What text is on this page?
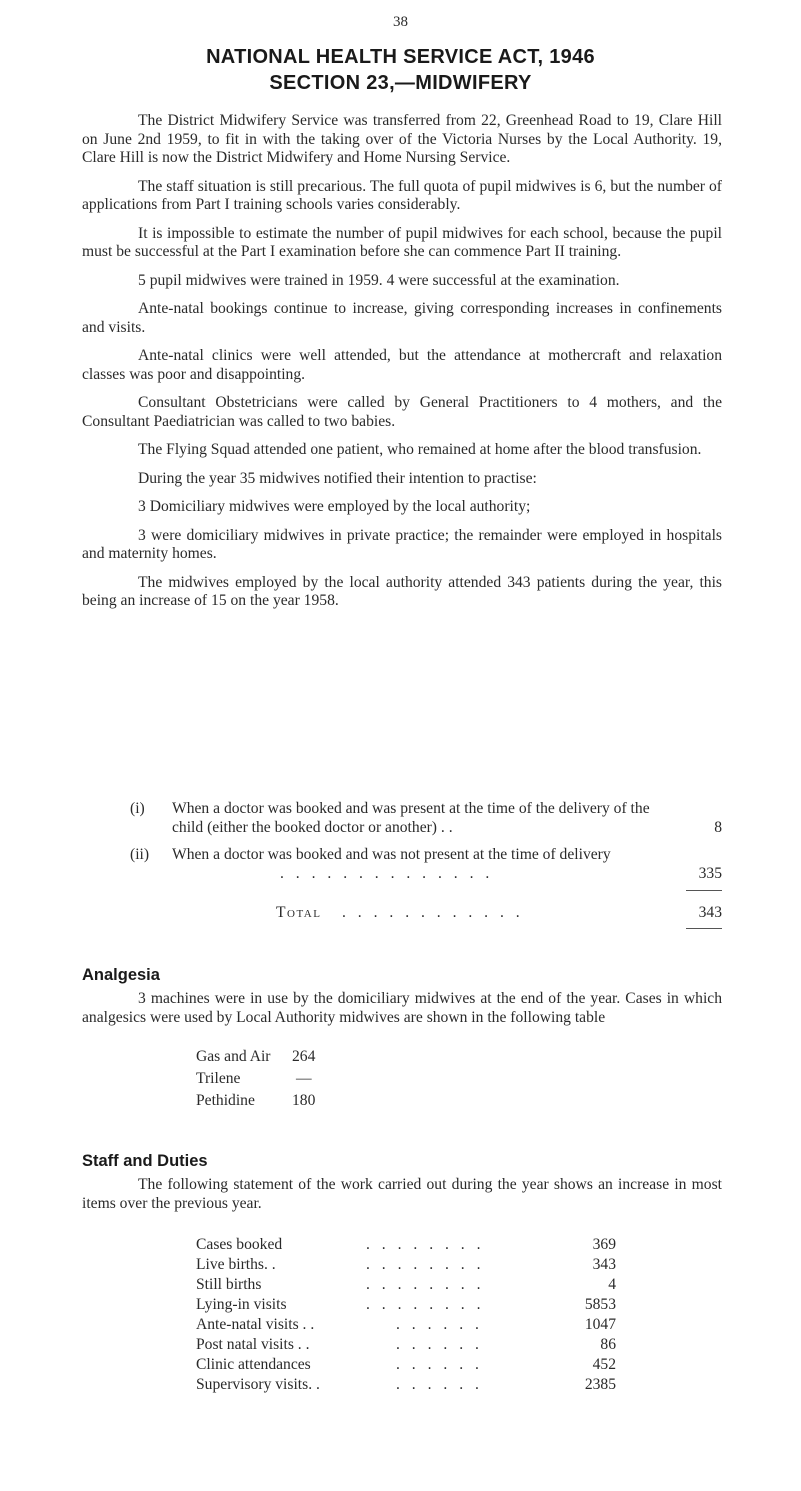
38
NATIONAL HEALTH SERVICE ACT, 1946
SECTION 23,—MIDWIFERY

The District Midwifery Service was transferred from 22, Greenhead Road to 19, Clare Hill on June 2nd 1959, to fit in with the taking over of the Victoria Nurses by the Local Authority. 19, Clare Hill is now the District Midwifery and Home Nursing Service.

The staff situation is still precarious. The full quota of pupil midwives is 6, but the number of applications from Part I training schools varies considerably.

It is impossible to estimate the number of pupil midwives for each school, because the pupil must be successful at the Part I examination before she can commence Part II training.

5 pupil midwives were trained in 1959. 4 were successful at the examination.

Ante-natal bookings continue to increase, giving corresponding increases in confinements and visits.

Ante-natal clinics were well attended, but the attendance at mothercraft and relaxation classes was poor and disappointing.

Consultant Obstetricians were called by General Practitioners to 4 mothers, and the Consultant Paediatrician was called to two babies.

The Flying Squad attended one patient, who remained at home after the blood transfusion.

During the year 35 midwives notified their intention to practise:

3 Domiciliary midwives were employed by the local authority;

3 were domiciliary midwives in private practice; the remainder were employed in hospitals and maternity homes.

The midwives employed by the local authority attended 343 patients during the year, this being an increase of 15 on the year 1958.

(i) When a doctor was booked and was present at the time of the delivery of the child (either the booked doctor or another) . .	8
(ii) When a doctor was booked and was not present at the time of delivery
. . . . . . . . . . . . . .	335
Total	. . . . . . . . . . . .	343
Analgesia

3 machines were in use by the domiciliary midwives at the end of the year. Cases in which analgesics were used by Local Authority midwives are shown in the following table

Gas and Air 264
Trilene	—
Pethidine 180
Staff and Duties

The following statement of the work carried out during the year shows an increase in most items over the previous year.

Cases booked	. . . . . . . .	369
Live births. .	. . . . . . . .	343
Still births	. . . . . . . .	4
Lying-in visits	. . . . . . . .	5853
Ante-natal visits . .	. . . . . .	1047
Post natal visits . .	. . . . . .	86
Clinic attendances	. . . . . .	452
Supervisory visits. .	. . . . . .	2385
